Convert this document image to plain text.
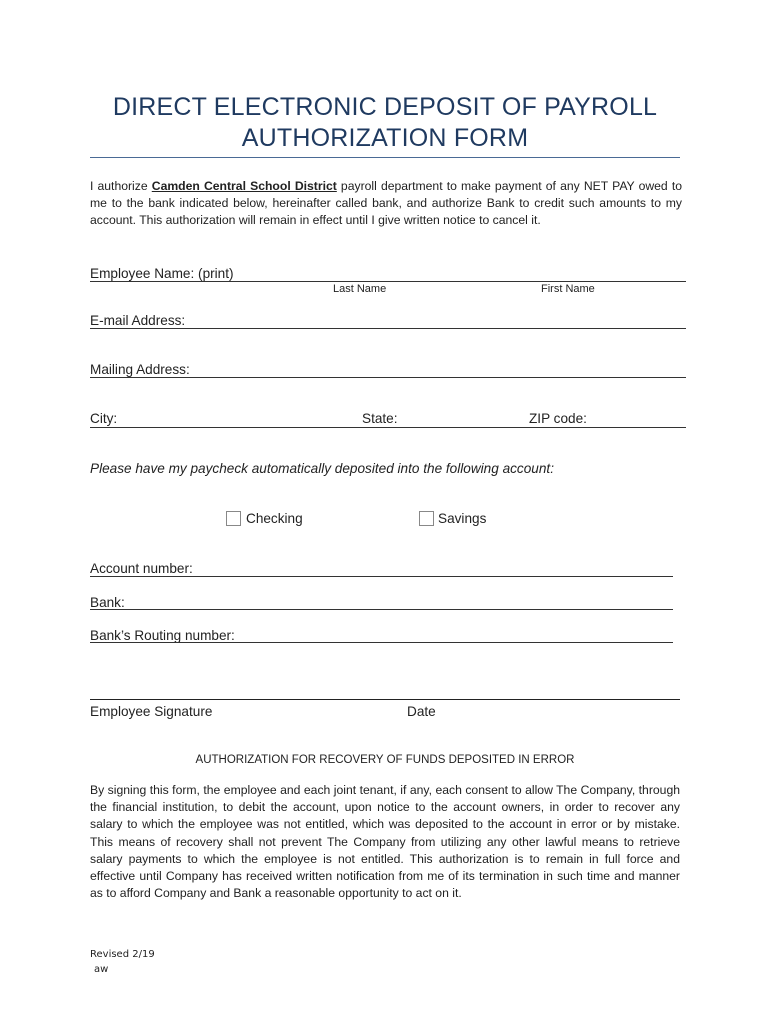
DIRECT ELECTRONIC DEPOSIT OF PAYROLL
AUTHORIZATION FORM
I authorize Camden Central School District payroll department to make payment of any NET PAY owed to me to the bank indicated below, hereinafter called bank, and authorize Bank to credit such amounts to my account. This authorization will remain in effect until I give written notice to cancel it.
Employee Name: (print)
Last Name	First Name
E-mail Address:
Mailing Address:
City:	State:	ZIP code:
Please have my paycheck automatically deposited into the following account:
Checking	Savings
Account number:
Bank:
Bank’s Routing number:
Employee Signature	Date
AUTHORIZATION FOR RECOVERY OF FUNDS DEPOSITED IN ERROR
By signing this form, the employee and each joint tenant, if any, each consent to allow The Company, through the financial institution, to debit the account, upon notice to the account owners, in order to recover any salary to which the employee was not entitled, which was deposited to the account in error or by mistake. This means of recovery shall not prevent The Company from utilizing any other lawful means to retrieve salary payments to which the employee is not entitled. This authorization is to remain in full force and effective until Company has received written notification from me of its termination in such time and manner as to afford Company and Bank a reasonable opportunity to act on it.
Revised 2/19
aw
